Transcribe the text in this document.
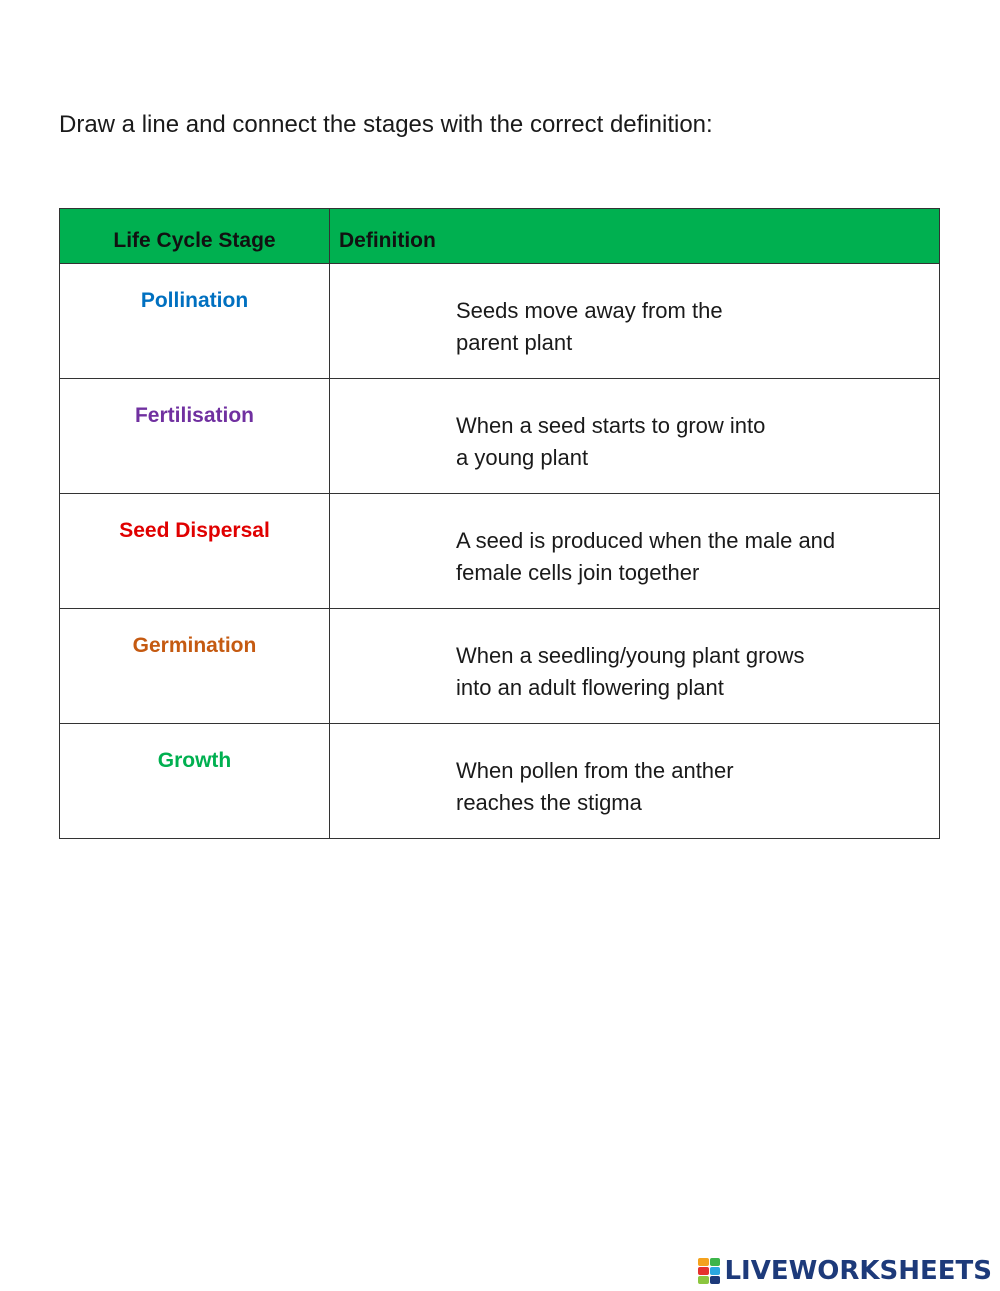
Draw a line and connect the stages with the correct definition:
Life Cycle Stage	Definition
Pollination	Seeds move away from the
parent plant

Fertilisation	When a seed starts to grow into
a young plant

Seed Dispersal	A seed is produced when the male and
female cells join together

Germination	When a seedling/young plant grows
into an adult flowering plant

Growth	When pollen from the anther
reaches the stigma
LIVEWORKSHEETS
